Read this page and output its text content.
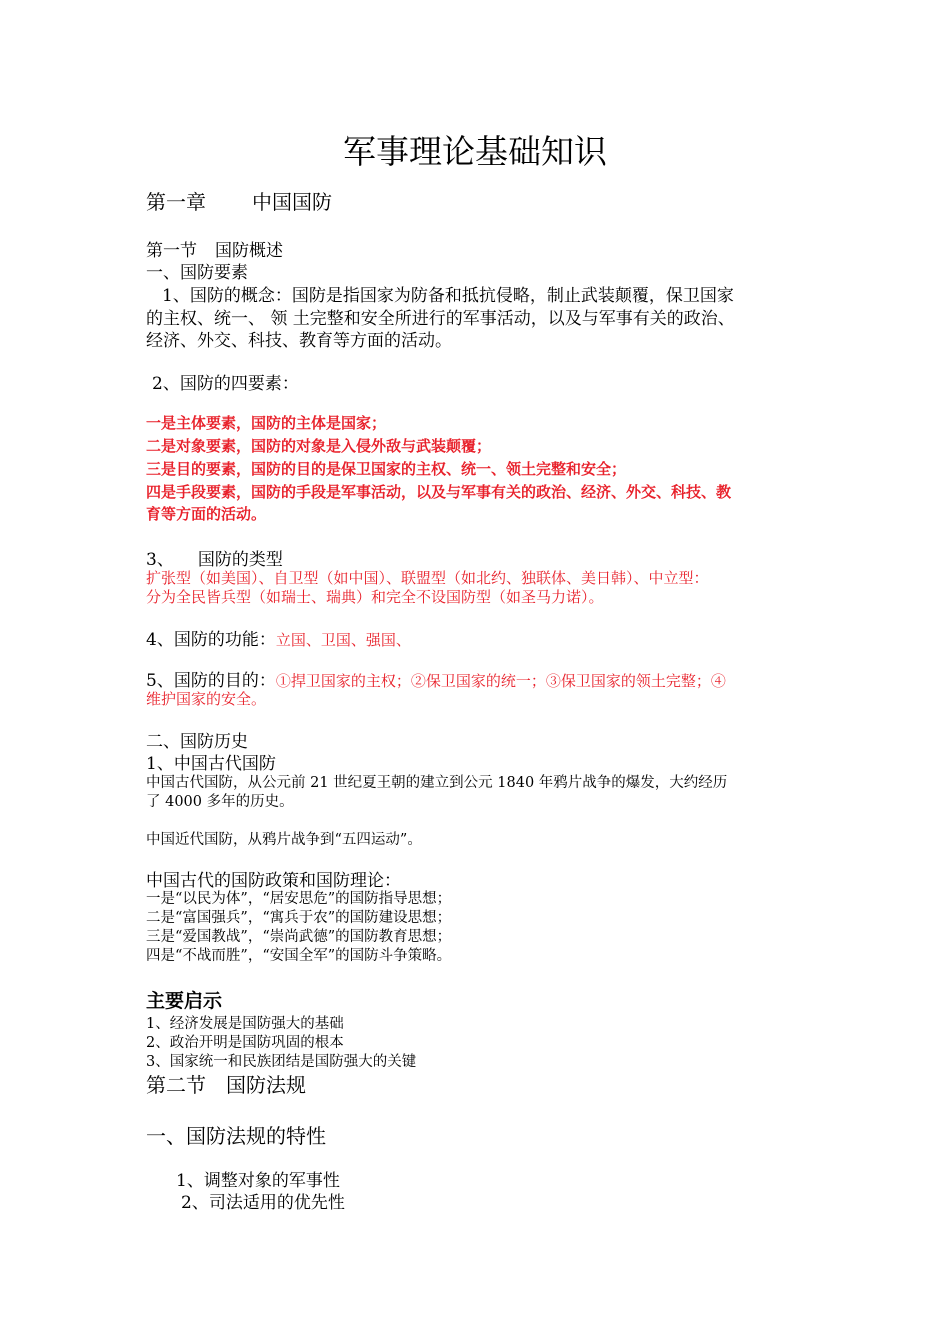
军事理论基础知识
第一章 中国国防
第一节 国防概述
一、国防要素
1、国防的概念：国防是指国家为防备和抵抗侵略，制止武装颠覆，保卫国家
的主权、统一、 领 土完整和安全所进行的军事活动，以及与军事有关的政治、
经济、外交、科技、教育等方面的活动。
2、国防的四要素：
一是主体要素，国防的主体是国家；
二是对象要素，国防的对象是入侵外敌与武装颠覆；
三是目的要素，国防的目的是保卫国家的主权、统一、领土完整和安全；
四是手段要素，国防的手段是军事活动，以及与军事有关的政治、经济、外交、科技、教
育等方面的活动。
3、 国防的类型
扩张型（如美国）、自卫型（如中国）、联盟型（如北约、独联体、美日韩）、中立型：
分为全民皆兵型（如瑞士、瑞典）和完全不设国防型（如圣马力诺）。
4、国防的功能：立国、卫国、强国、
5、国防的目的：①捍卫国家的主权；②保卫国家的统一；③保卫国家的领土完整；④
维护国家的安全。
二、国防历史
1、中国古代国防
中国古代国防，从公元前 21 世纪夏王朝的建立到公元 1840 年鸦片战争的爆发，大约经历
了 4000 多年的历史。
中国近代国防，从鸦片战争到“五四运动”。
中国古代的国防政策和国防理论：
一是“以民为体”，“居安思危”的国防指导思想；
二是“富国强兵”，“寓兵于农”的国防建设思想；
三是“爱国教战”，“崇尚武德”的国防教育思想；
四是“不战而胜”，“安国全军”的国防斗争策略。
主要启示
1、经济发展是国防强大的基础
2、政治开明是国防巩固的根本
3、国家统一和民族团结是国防强大的关键
第二节 国防法规
一、国防法规的特性
1、调整对象的军事性
2、司法适用的优先性
